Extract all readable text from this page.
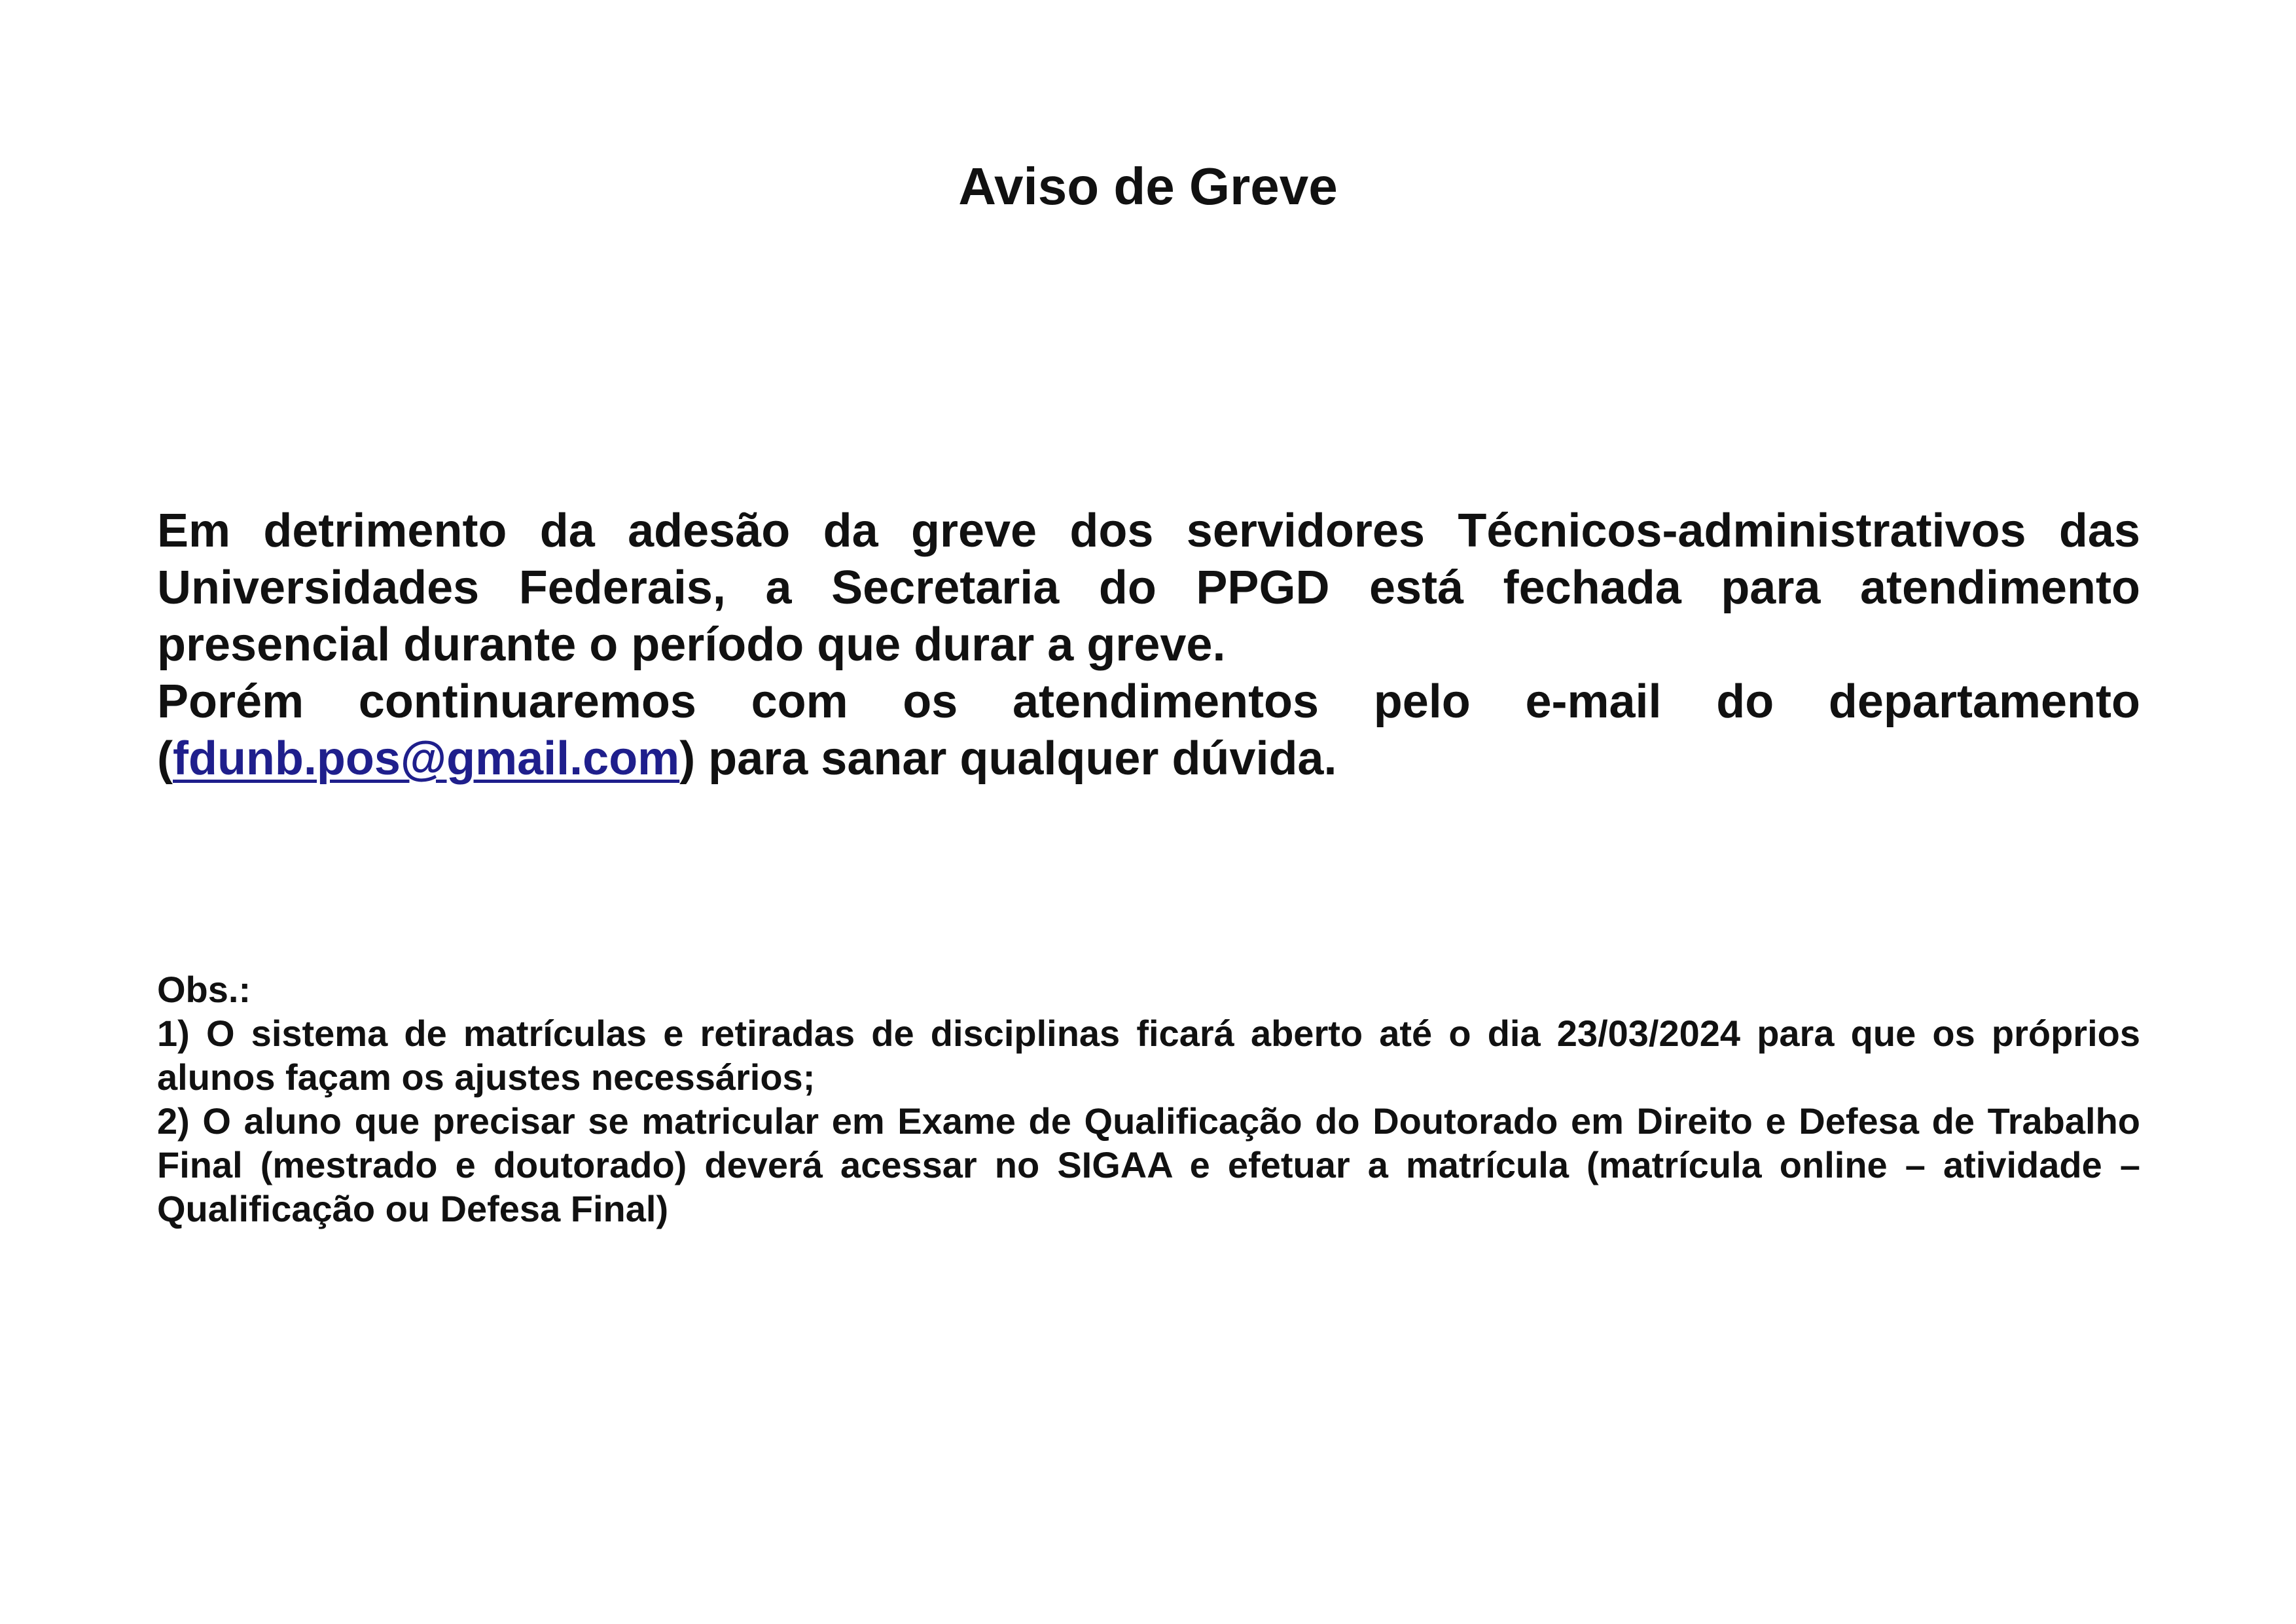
Aviso de Greve

Em detrimento da adesão da greve dos servidores Técnicos-administrativos das Universidades Federais, a Secretaria do PPGD está fechada para atendimento presencial durante o período que durar a greve.

Porém continuaremos com os atendimentos pelo e-mail do departamento (fdunb.pos@gmail.com) para sanar qualquer dúvida.

Obs.:

1) O sistema de matrículas e retiradas de disciplinas ficará aberto até o dia 23/03/2024 para que os próprios alunos façam os ajustes necessários;

2) O aluno que precisar se matricular em Exame de Qualificação do Doutorado em Direito e Defesa de Trabalho Final (mestrado e doutorado) deverá acessar no SIGAA e efetuar a matrícula (matrícula online – atividade – Qualificação ou Defesa Final)
